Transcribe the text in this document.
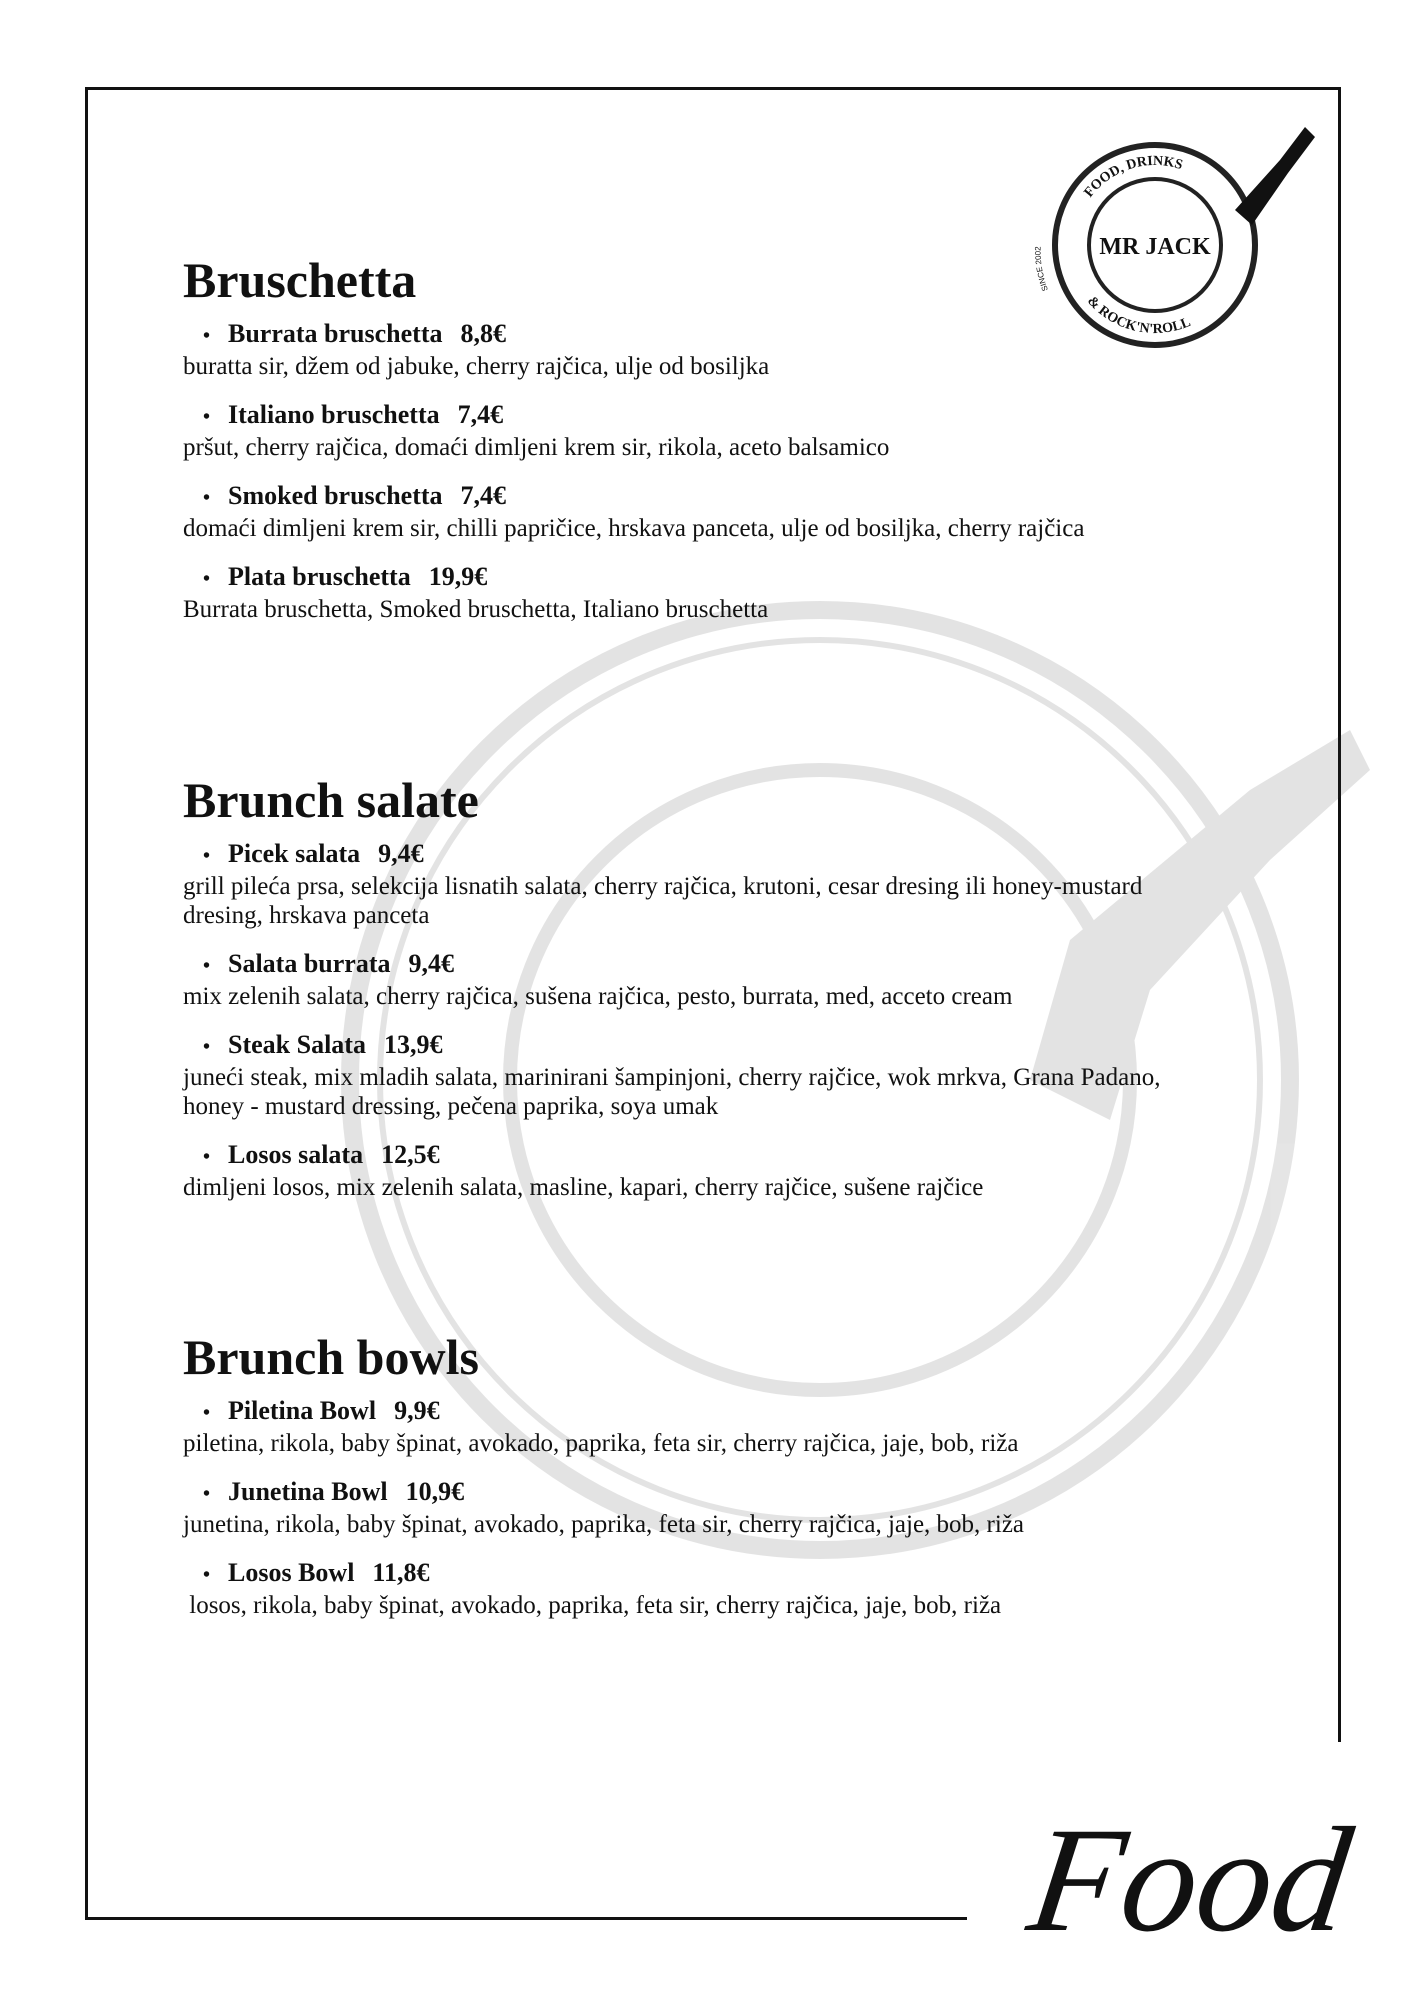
FOOD, DRINKS
& ROCK'N'ROLL
SINCE 2002	MR JACK
Bruschetta
• Burrata bruschetta 8,8€
buratta sir, džem od jabuke, cherry rajčica, ulje od bosiljka
• Italiano bruschetta 7,4€
pršut, cherry rajčica, domaći dimljeni krem sir, rikola, aceto balsamico
• Smoked bruschetta 7,4€
domaći dimljeni krem sir, chilli papričice, hrskava panceta, ulje od bosiljka, cherry rajčica
• Plata bruschetta 19,9€
Burrata bruschetta, Smoked bruschetta, Italiano bruschetta
Brunch salate
• Picek salata 9,4€
grill pileća prsa, selekcija lisnatih salata, cherry rajčica, krutoni, cesar dresing ili honey-mustard dresing, hrskava panceta
• Salata burrata 9,4€
mix zelenih salata, cherry rajčica, sušena rajčica, pesto, burrata, med, acceto cream
• Steak Salata 13,9€
juneći steak, mix mladih salata, marinirani šampinjoni, cherry rajčice, wok mrkva, Grana Padano, honey - mustard dressing, pečena paprika, soya umak
• Losos salata 12,5€
dimljeni losos, mix zelenih salata, masline, kapari, cherry rajčice, sušene rajčice
Brunch bowls
• Piletina Bowl 9,9€
piletina, rikola, baby špinat, avokado, paprika, feta sir, cherry rajčica, jaje, bob, riža
• Junetina Bowl 10,9€
junetina, rikola, baby špinat, avokado, paprika, feta sir, cherry rajčica, jaje, bob, riža
• Losos Bowl 11,8€
losos, rikola, baby špinat, avokado, paprika, feta sir, cherry rajčica, jaje, bob, riža
Food
